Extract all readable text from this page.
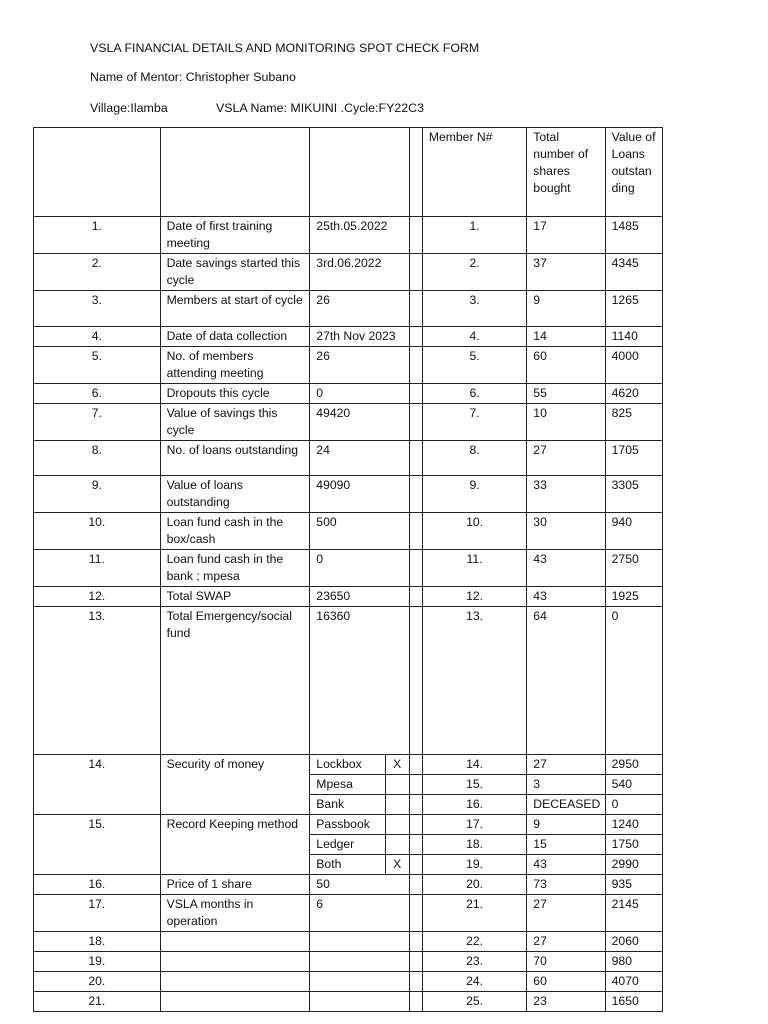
VSLA FINANCIAL DETAILS AND MONITORING SPOT CHECK FORM
Name of Mentor: Christopher Subano
Village:Ilamba	VSLA Name: MIKUINI .Cycle:FY22C3
					Member N#	Total number of shares bought	Value of Loans outstan ding
1.	Date of first training meeting	25th.05.2022			1.	17	1485
2.	Date savings started this cycle	3rd.06.2022			2.	37	4345
3.	Members at start of cycle	26			3.	9	1265
4.	Date of data collection	27th Nov 2023			4.	14	1140
5.	No. of members attending meeting	26			5.	60	4000
6.	Dropouts this cycle	0			6.	55	4620
7.	Value of savings this cycle	49420			7.	10	825
8.	No. of loans outstanding	24			8.	27	1705
9.	Value of loans outstanding	49090			9.	33	3305
10.	Loan fund cash in the box/cash	500			10.	30	940
11.	Loan fund cash in the bank ; mpesa	0			11.	43	2750
12.	Total SWAP	23650			12.	43	1925
13.	Total Emergency/social fund	16360			13.	64	0
14.	Security of money	Lockbox	X		14.	27	2950
		Mpesa			15.	3	540
		Bank			16.	DECEASED	0
15.	Record Keeping method	Passbook			17.	9	1240
		Ledger			18.	15	1750
		Both	X		19.	43	2990
16.	Price of 1 share	50			20.	73	935
17.	VSLA months in operation	6			21.	27	2145
18.					22.	27	2060
19.					23.	70	980
20.					24.	60	4070
21.					25.	23	1650
